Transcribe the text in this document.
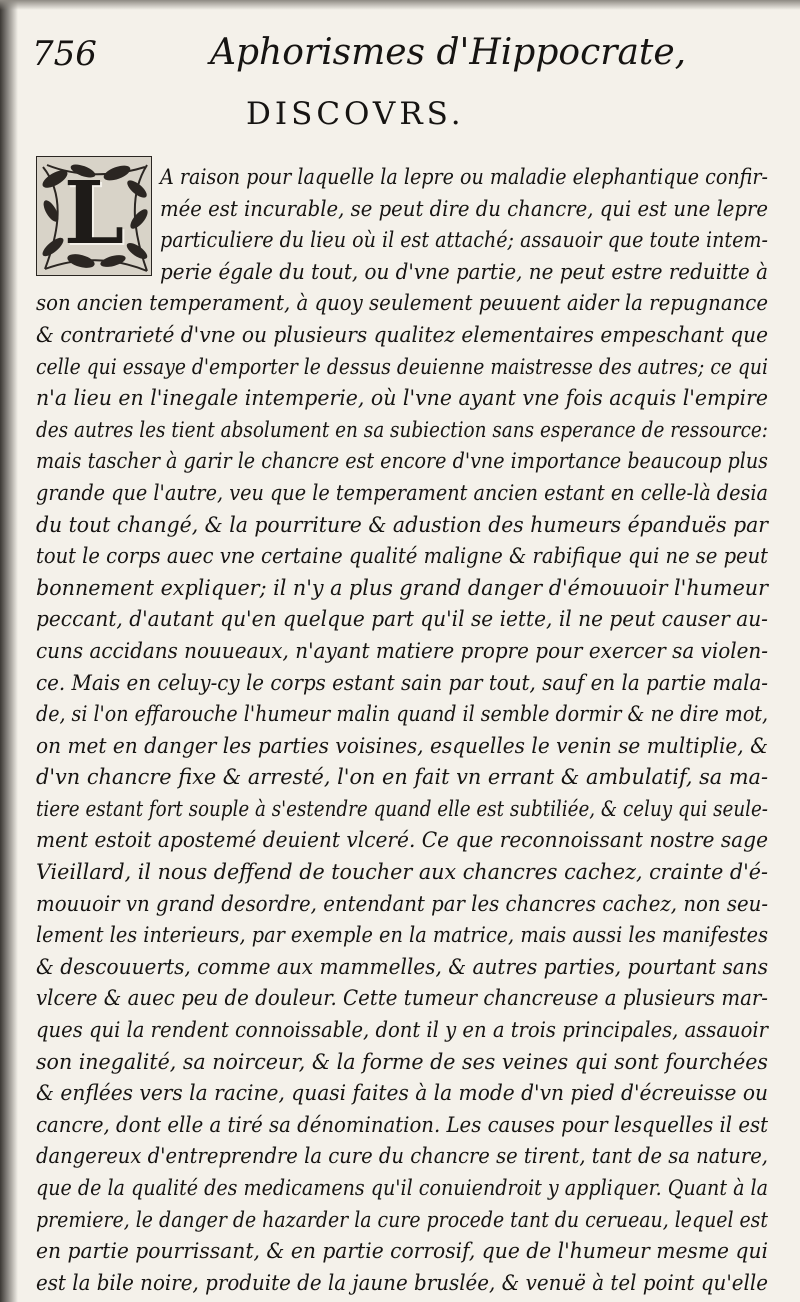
756	Aphorismes d'Hippocrate,
DISCOVRS.
L	A raison pour laquelle la lepre ou maladie elephantique confir-
mée est incurable, se peut dire du chancre, qui est une lepre
particuliere du lieu où il est attaché; assauoir que toute intem-
perie égale du tout, ou d'vne partie, ne peut estre reduitte à
son ancien temperament, à quoy seulement peuuent aider la repugnance
& contrarieté d'vne ou plusieurs qualitez elementaires empeschant que
celle qui essaye d'emporter le dessus deuienne maistresse des autres; ce qui
n'a lieu en l'inegale intemperie, où l'vne ayant vne fois acquis l'empire
des autres les tient absolument en sa subiection sans esperance de ressource:
mais tascher à garir le chancre est encore d'vne importance beaucoup plus
grande que l'autre, veu que le temperament ancien estant en celle-là desia
du tout changé, & la pourriture & adustion des humeurs épanduës par
tout le corps auec vne certaine qualité maligne & rabifique qui ne se peut
bonnement expliquer; il n'y a plus grand danger d'émouuoir l'humeur
peccant, d'autant qu'en quelque part qu'il se iette, il ne peut causer au-
cuns accidans nouueaux, n'ayant matiere propre pour exercer sa violen-
ce. Mais en celuy-cy le corps estant sain par tout, sauf en la partie mala-
de, si l'on effarouche l'humeur malin quand il semble dormir & ne dire mot,
on met en danger les parties voisines, esquelles le venin se multiplie, &
d'vn chancre fixe & arresté, l'on en fait vn errant & ambulatif, sa ma-
tiere estant fort souple à s'estendre quand elle est subtiliée, & celuy qui seule-
ment estoit apostemé deuient vlceré. Ce que reconnoissant nostre sage
Vieillard, il nous deffend de toucher aux chancres cachez, crainte d'é-
mouuoir vn grand desordre, entendant par les chancres cachez, non seu-
lement les interieurs, par exemple en la matrice, mais aussi les manifestes
& descouuerts, comme aux mammelles, & autres parties, pourtant sans
vlcere & auec peu de douleur. Cette tumeur chancreuse a plusieurs mar-
ques qui la rendent connoissable, dont il y en a trois principales, assauoir
son inegalité, sa noirceur, & la forme de ses veines qui sont fourchées
& enflées vers la racine, quasi faites à la mode d'vn pied d'écreuisse ou
cancre, dont elle a tiré sa dénomination. Les causes pour lesquelles il est
dangereux d'entreprendre la cure du chancre se tirent, tant de sa nature,
que de la qualité des medicamens qu'il conuiendroit y appliquer. Quant à la
premiere, le danger de hazarder la cure procede tant du cerueau, lequel est
en partie pourrissant, & en partie corrosif, que de l'humeur mesme qui
est la bile noire, produite de la jaune bruslée, & venuë à tel point qu'elle
